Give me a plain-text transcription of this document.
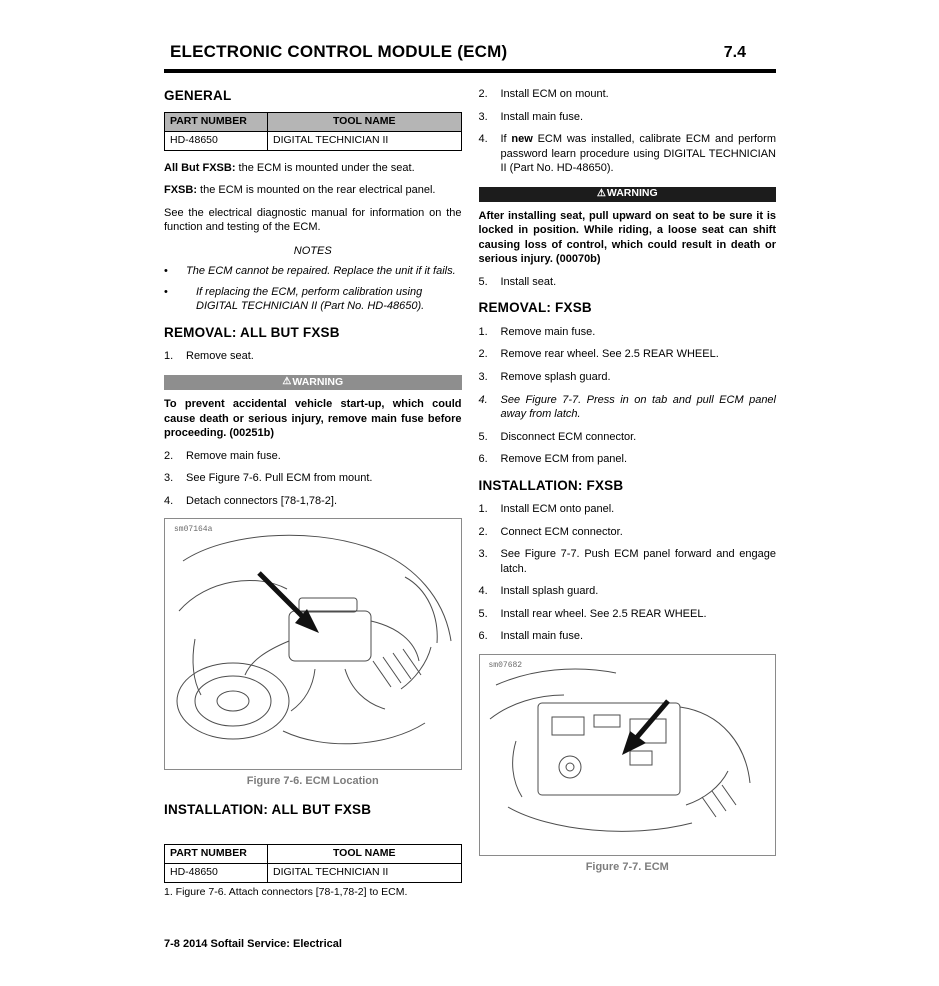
ELECTRONIC CONTROL MODULE (ECM)	7.4
GENERAL
PART NUMBER	TOOL NAME
HD-48650	DIGITAL TECHNICIAN II

All But FXSB: the ECM is mounted under the seat.

FXSB: the ECM is mounted on the rear electrical panel.

See the electrical diagnostic manual for information on the function and testing of the ECM.

NOTES
•
The ECM cannot be repaired. Replace the unit if it fails.
•
If replacing the ECM, perform calibration using DIGITAL TECHNICIAN II (Part No. HD-48650).
REMOVAL: ALL BUT FXSB
1.	Remove seat.
⚠ WARNING

To prevent accidental vehicle start-up, which could cause death or serious injury, remove main fuse before proceeding. (00251b)

2.	Remove main fuse.
3.	See Figure 7-6. Pull ECM from mount.
4.	Detach connectors [78-1,78-2].
sm07164a
Figure 7-6. ECM Location
INSTALLATION: ALL BUT FXSB
PART NUMBER	TOOL NAME
HD-48650	DIGITAL TECHNICIAN II
1. Figure 7-6. Attach connectors [78-1,78-2] to ECM.
2.	Install ECM on mount.
3.	Install main fuse.
4.	If new ECM was installed, calibrate ECM and perform password learn procedure using DIGITAL TECHNICIAN II (Part No. HD-48650).
⚠ WARNING

After installing seat, pull upward on seat to be sure it is locked in position. While riding, a loose seat can shift causing loss of control, which could result in death or serious injury. (00070b)

5.	Install seat.
REMOVAL: FXSB
1.	Remove main fuse.
2.	Remove rear wheel. See 2.5 REAR WHEEL.
3.	Remove splash guard.
4.	See Figure 7-7. Press in on tab and pull ECM panel away from latch.
5.	Disconnect ECM connector.
6.	Remove ECM from panel.
INSTALLATION: FXSB
1.	Install ECM onto panel.
2.	Connect ECM connector.
3.	See Figure 7-7. Push ECM panel forward and engage latch.
4.	Install splash guard.
5.	Install rear wheel. See 2.5 REAR WHEEL.
6.	Install main fuse.
sm07682
Figure 7-7. ECM
7-8 2014 Softail Service: Electrical
